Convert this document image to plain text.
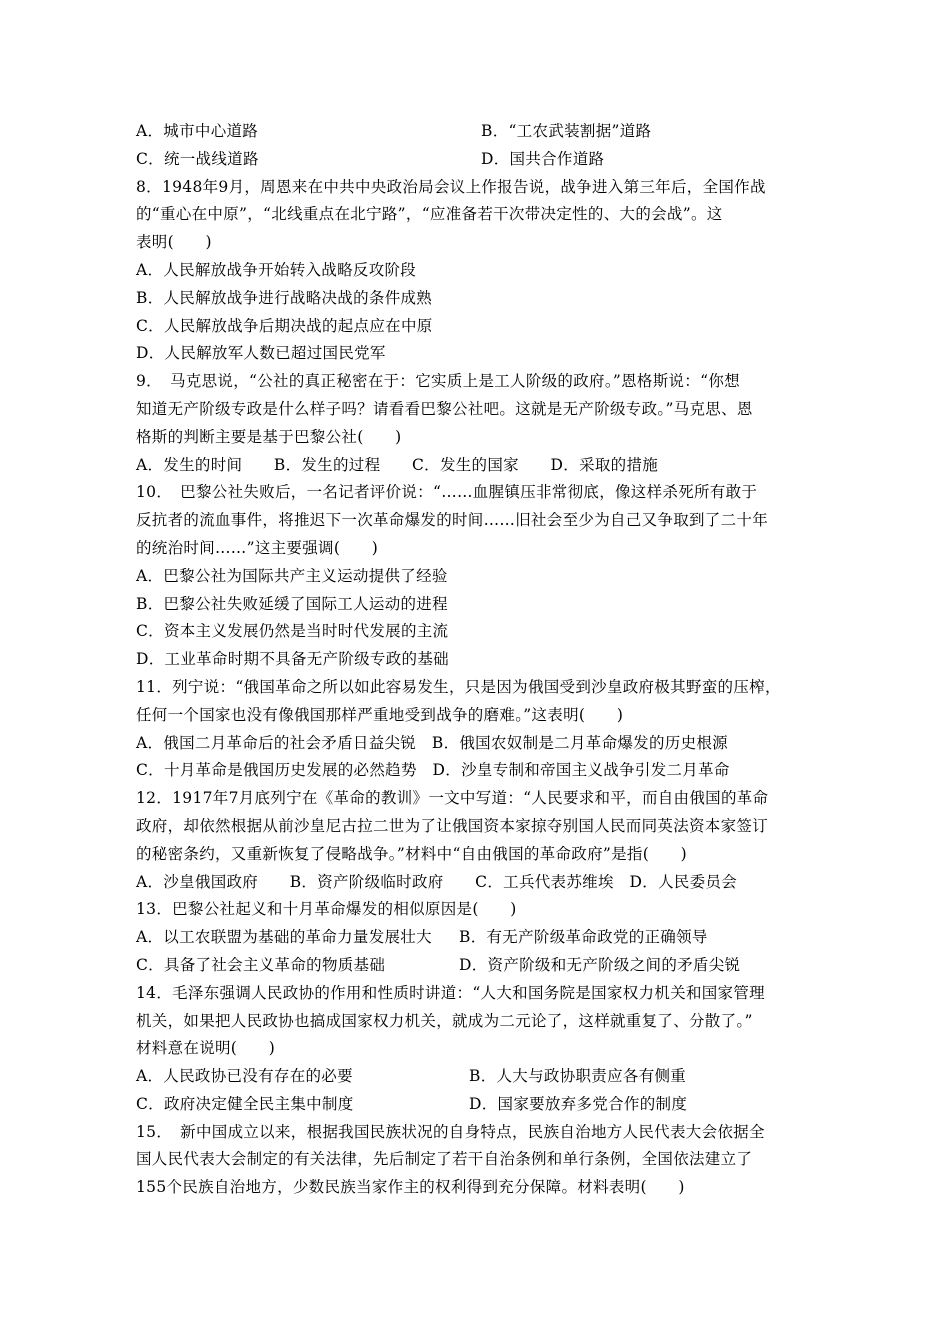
A．城市中心道路	B．“工农武装割据”道路
C．统一战线道路	D．国共合作道路
8．1948年9月，周恩来在中共中央政治局会议上作报告说，战争进入第三年后，全国作战
的“重心在中原”，“北线重点在北宁路”，“应准备若干次带决定性的、大的会战”。这
表明(　　)
A．人民解放战争开始转入战略反攻阶段
B．人民解放战争进行战略决战的条件成熟
C．人民解放战争后期决战的起点应在中原
D．人民解放军人数已超过国民党军
9．　马克思说，“公社的真正秘密在于：它实质上是工人阶级的政府。”恩格斯说：“你想
知道无产阶级专政是什么样子吗？请看看巴黎公社吧。这就是无产阶级专政。”马克思、恩
格斯的判断主要是基于巴黎公社(　　)
A．发生的时间　　B．发生的过程　　C．发生的国家　　D．采取的措施
10．　巴黎公社失败后，一名记者评价说：“……血腥镇压非常彻底，像这样杀死所有敢于
反抗者的流血事件，将推迟下一次革命爆发的时间……旧社会至少为自己又争取到了二十年
的统治时间……”这主要强调(　　)
A．巴黎公社为国际共产主义运动提供了经验
B．巴黎公社失败延缓了国际工人运动的进程
C．资本主义发展仍然是当时时代发展的主流
D．工业革命时期不具备无产阶级专政的基础
11．列宁说：“俄国革命之所以如此容易发生，只是因为俄国受到沙皇政府极其野蛮的压榨，
任何一个国家也没有像俄国那样严重地受到战争的磨难。”这表明(　　)
A．俄国二月革命后的社会矛盾日益尖锐　B．俄国农奴制是二月革命爆发的历史根源
C．十月革命是俄国历史发展的必然趋势　D．沙皇专制和帝国主义战争引发二月革命
12．1917年7月底列宁在《革命的教训》一文中写道：“人民要求和平，而自由俄国的革命
政府，却依然根据从前沙皇尼古拉二世为了让俄国资本家掠夺别国人民而同英法资本家签订
的秘密条约，又重新恢复了侵略战争。”材料中“自由俄国的革命政府”是指(　　)
A．沙皇俄国政府　　B．资产阶级临时政府　　C．工兵代表苏维埃　D．人民委员会
13．巴黎公社起义和十月革命爆发的相似原因是(　　)
A．以工农联盟为基础的革命力量发展壮大	B．有无产阶级革命政党的正确领导
C．具备了社会主义革命的物质基础	D．资产阶级和无产阶级之间的矛盾尖锐
14．毛泽东强调人民政协的作用和性质时讲道：“人大和国务院是国家权力机关和国家管理
机关，如果把人民政协也搞成国家权力机关，就成为二元论了，这样就重复了、分散了。”
材料意在说明(　　)
A．人民政协已没有存在的必要	B．人大与政协职责应各有侧重
C．政府决定健全民主集中制度	D．国家要放弃多党合作的制度
15．　新中国成立以来，根据我国民族状况的自身特点，民族自治地方人民代表大会依据全
国人民代表大会制定的有关法律，先后制定了若干自治条例和单行条例，全国依法建立了
155个民族自治地方，少数民族当家作主的权利得到充分保障。材料表明(　　)
